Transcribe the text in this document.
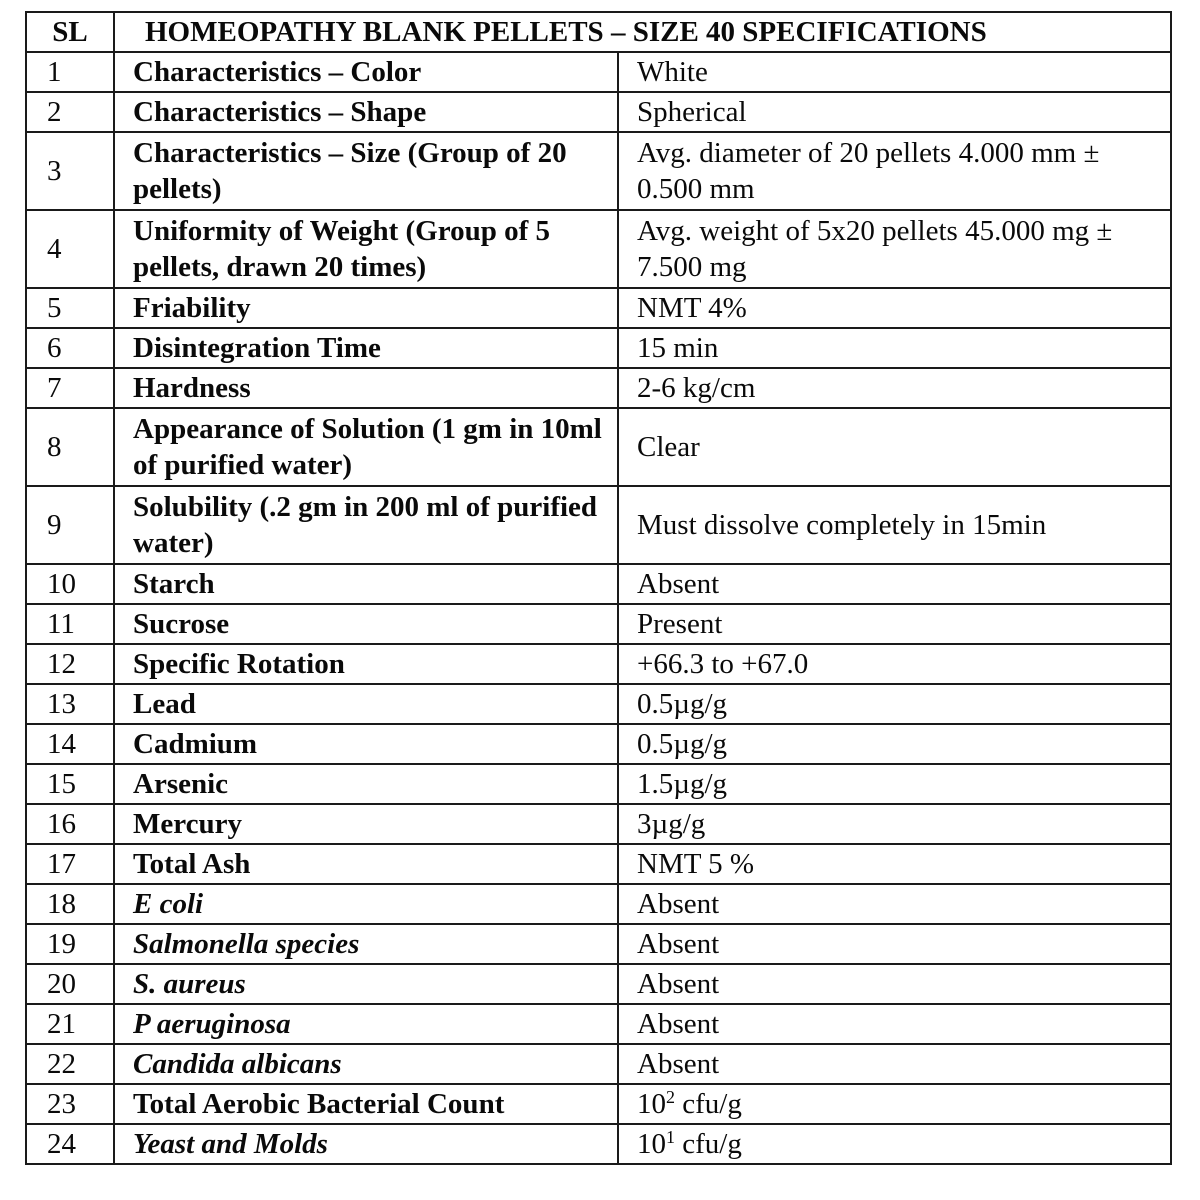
SL	HOMEOPATHY BLANK PELLETS – SIZE 40 SPECIFICATIONS	
1	Characteristics – Color	White
2	Characteristics – Shape	Spherical
3	Characteristics – Size (Group of 20 pellets)	Avg. diameter of 20 pellets 4.000 mm ± 0.500 mm
4	Uniformity of Weight (Group of 5 pellets, drawn 20 times)	Avg. weight of 5x20 pellets 45.000 mg ± 7.500 mg
5	Friability	NMT 4%
6	Disintegration Time	15 min
7	Hardness	2-6 kg/cm
8	Appearance of Solution (1 gm in 10ml of purified water)	Clear
9	Solubility (.2 gm in 200 ml of purified water)	Must dissolve completely in 15min
10	Starch	Absent
11	Sucrose	Present
12	Specific Rotation	+66.3 to +67.0
13	Lead	0.5µg/g
14	Cadmium	0.5µg/g
15	Arsenic	1.5µg/g
16	Mercury	3µg/g
17	Total Ash	NMT 5 %
18	E coli	Absent
19	Salmonella species	Absent
20	S. aureus	Absent
21	P aeruginosa	Absent
22	Candida albicans	Absent
23	Total Aerobic Bacterial Count	$10^2$ cfu/g
24	Yeast and Molds	$10^1$ cfu/g
